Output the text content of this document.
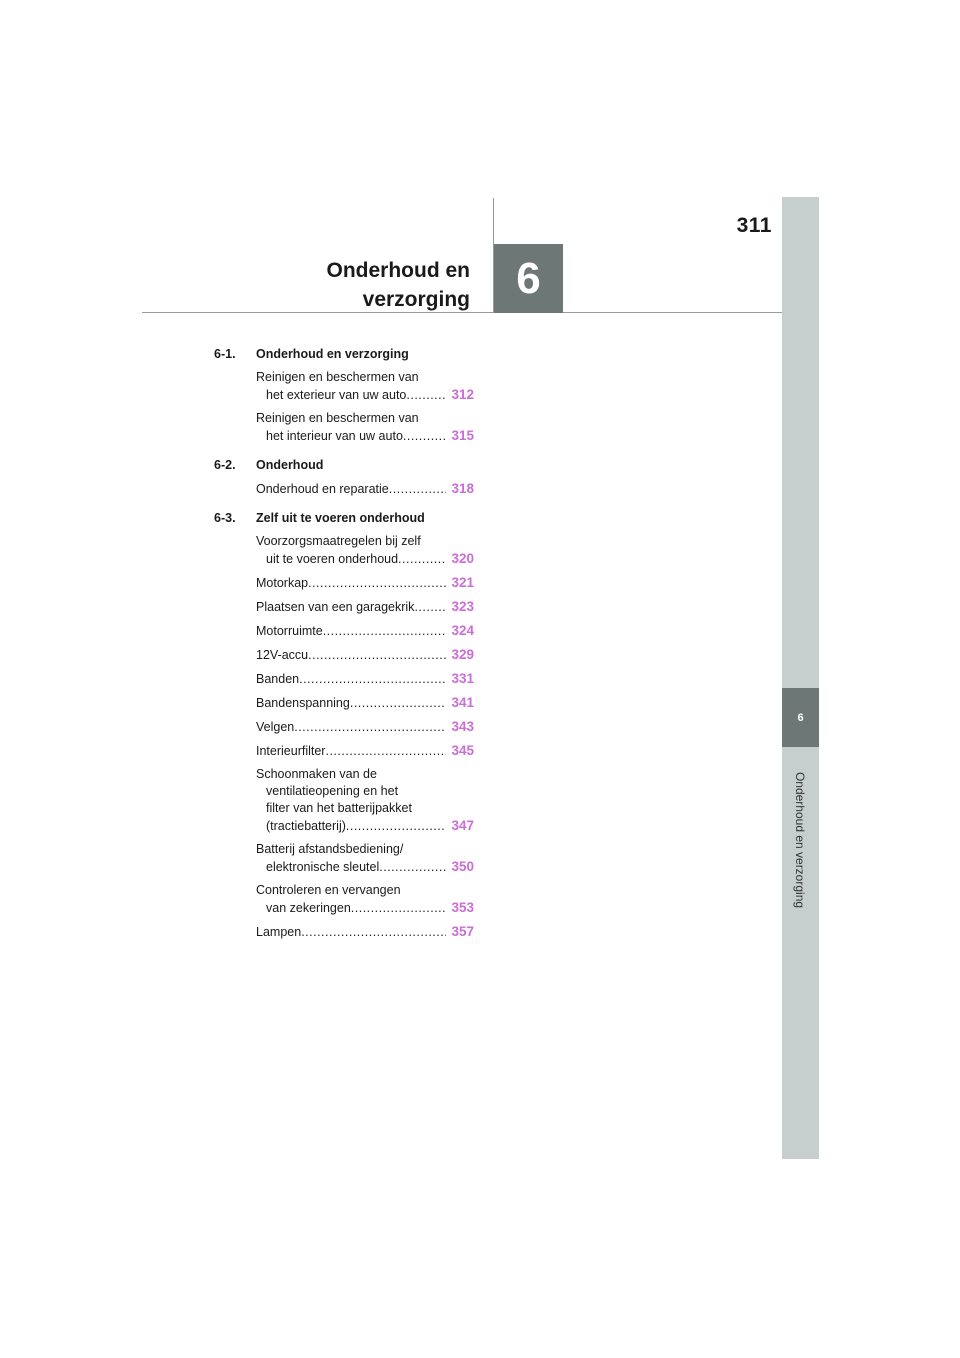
311
Onderhoud en
verzorging	6
6
Onderhoud en verzorging
6-1.	Onderhoud en verzorging
Reinigen en beschermen van
het exterieur van uw auto .....	312
Reinigen en beschermen van
het interieur van uw auto .....	315
6-2.	Onderhoud
Onderhoud en reparatie .....	318
6-3.	Zelf uit te voeren onderhoud
Voorzorgsmaatregelen bij zelf
uit te voeren onderhoud .....	320
Motorkap .....	321
Plaatsen van een garagekrik .....	323
Motorruimte .....	324
12V-accu .....	329
Banden .....	331
Bandenspanning .....	341
Velgen .....	343
Interieurfilter .....	345
Schoonmaken van de
ventilatieopening en het
filter van het batterijpakket
(tractiebatterij) .....	347
Batterij afstandsbediening/
elektronische sleutel .....	350
Controleren en vervangen
van zekeringen .....	353
Lampen .....	357
